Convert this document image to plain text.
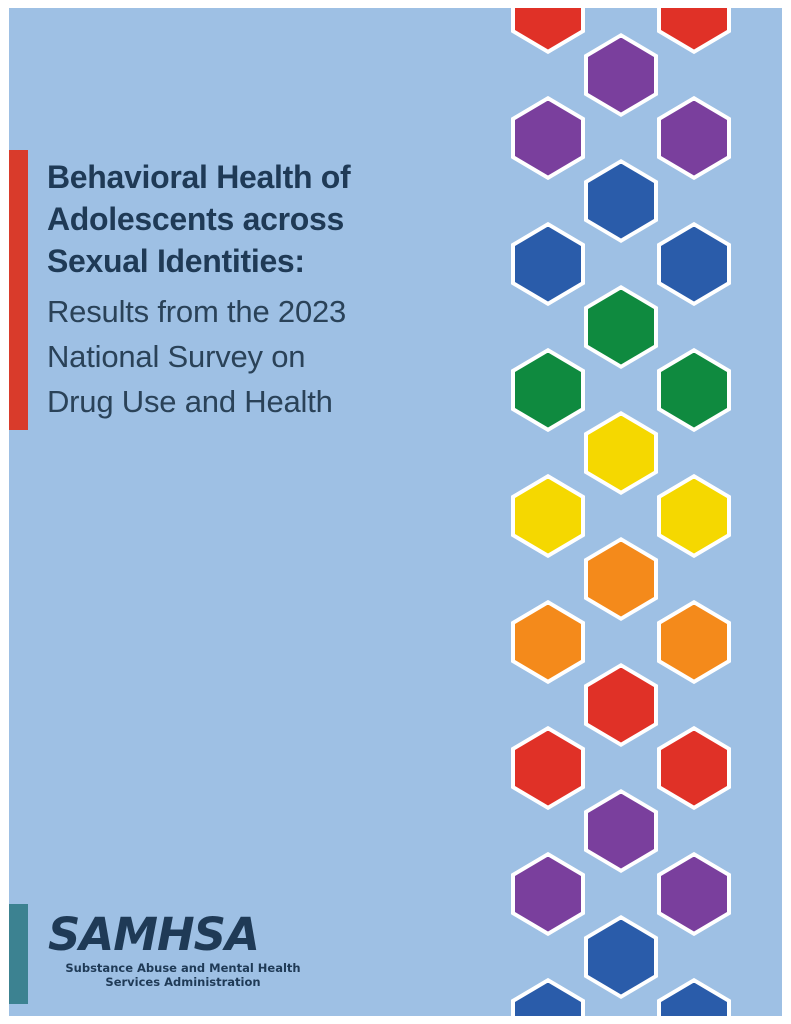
Behavioral Health of
Adolescents across
Sexual Identities:
Results from the 2023
National Survey on
Drug Use and Health
SAMHSA
Substance Abuse and Mental Health
Services Administration
